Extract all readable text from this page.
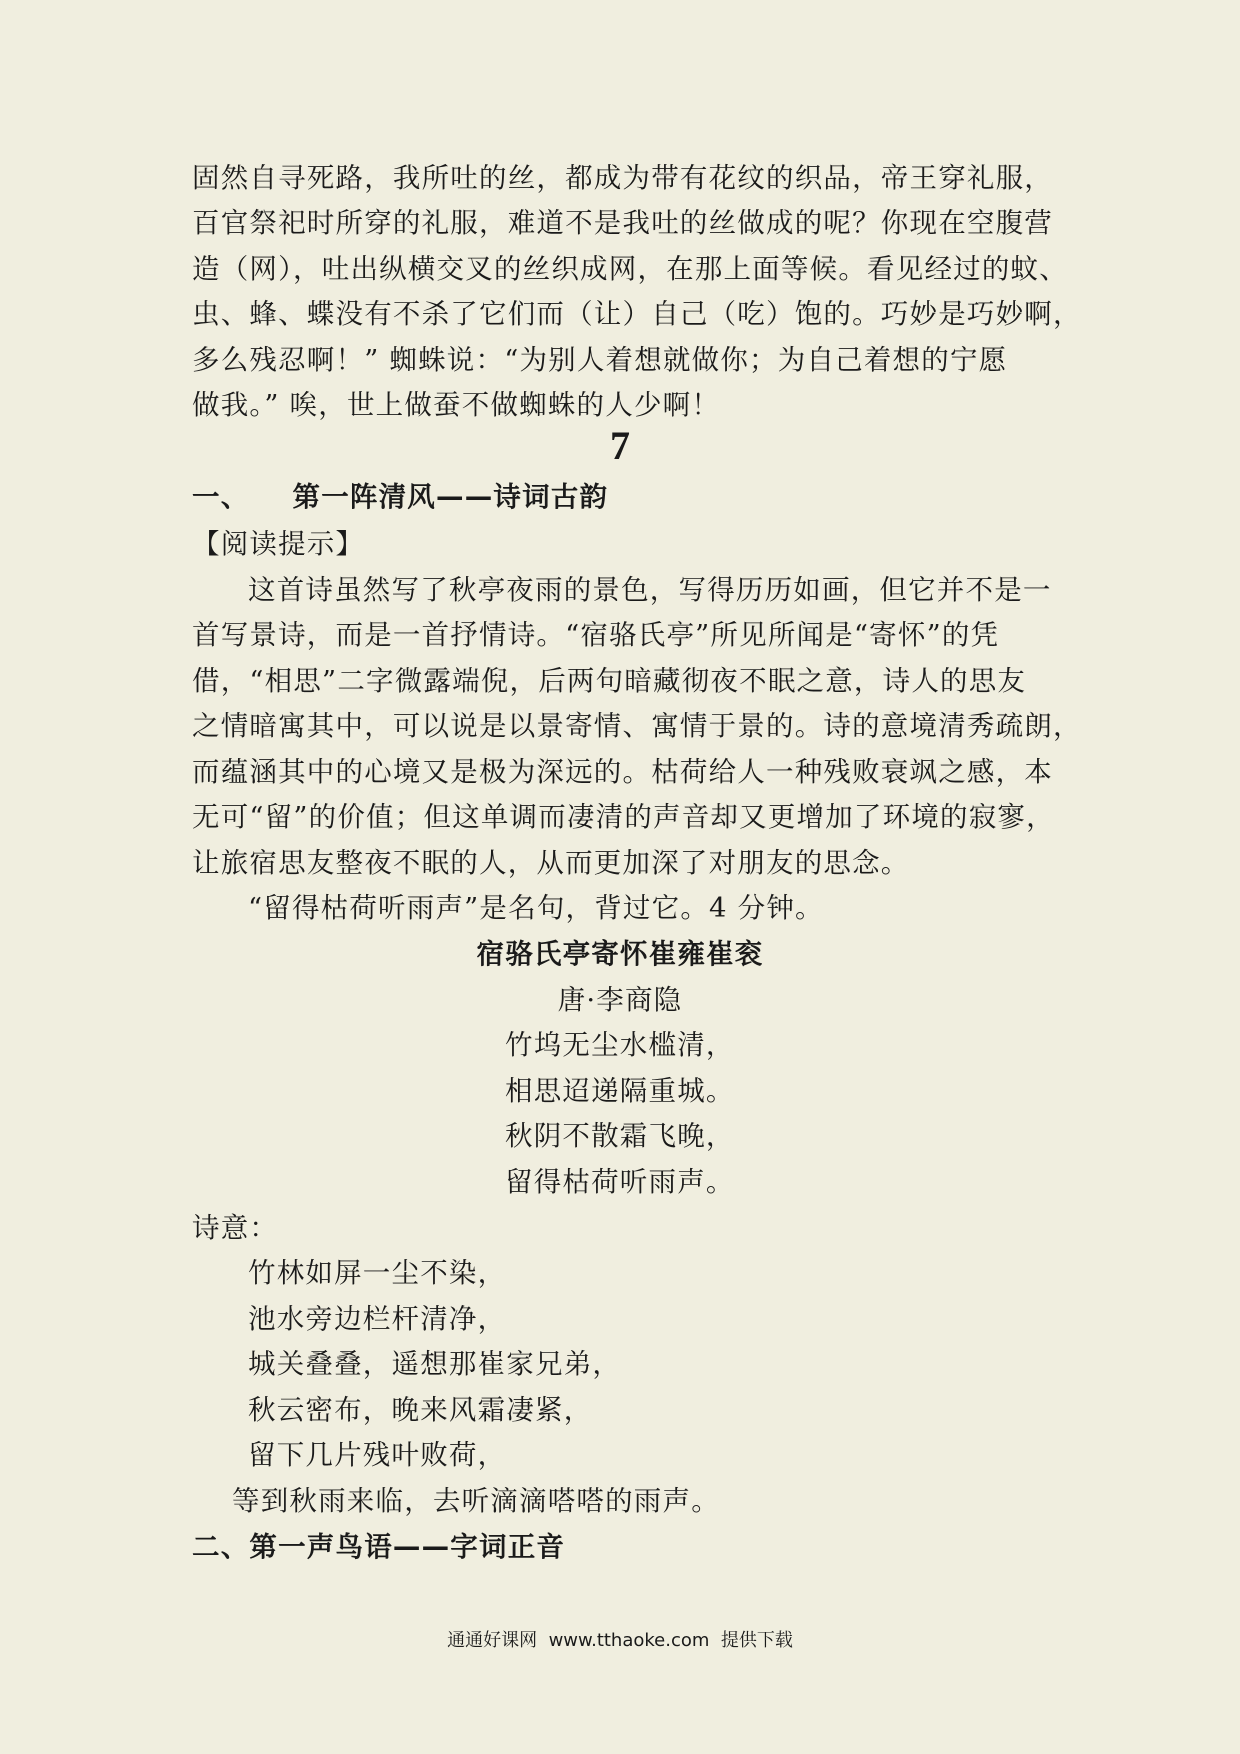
固然自寻死路，我所吐的丝，都成为带有花纹的织品，帝王穿礼服，
百官祭祀时所穿的礼服，难道不是我吐的丝做成的呢？你现在空腹营
造（网），吐出纵横交叉的丝织成网，在那上面等候。看见经过的蚊、
虫、蜂、蝶没有不杀了它们而（让）自己（吃）饱的。巧妙是巧妙啊，
多么残忍啊！” 蜘蛛说：“为别人着想就做你；为自己着想的宁愿
做我。” 唉，世上做蚕不做蜘蛛的人少啊！
7
一、    第一阵清风——诗词古韵
【阅读提示】
这首诗虽然写了秋亭夜雨的景色，写得历历如画，但它并不是一
首写景诗，而是一首抒情诗。“宿骆氏亭”所见所闻是“寄怀”的凭
借，“相思”二字微露端倪，后两句暗藏彻夜不眠之意，诗人的思友
之情暗寓其中，可以说是以景寄情、寓情于景的。诗的意境清秀疏朗，
而蕴涵其中的心境又是极为深远的。枯荷给人一种残败衰飒之感，本
无可“留”的价值；但这单调而凄清的声音却又更增加了环境的寂寥，
让旅宿思友整夜不眠的人，从而更加深了对朋友的思念。
“留得枯荷听雨声”是名句，背过它。4 分钟。
宿骆氏亭寄怀崔雍崔衮
唐·李商隐
竹坞无尘水槛清，
相思迢递隔重城。
秋阴不散霜飞晚，
留得枯荷听雨声。
诗意：
竹林如屏一尘不染，
池水旁边栏杆清净，
城关叠叠，遥想那崔家兄弟，
秋云密布，晚来风霜凄紧，
留下几片残叶败荷，
等到秋雨来临，去听滴滴嗒嗒的雨声。
二、第一声鸟语——字词正音
通通好课网  www.tthaoke.com  提供下载
